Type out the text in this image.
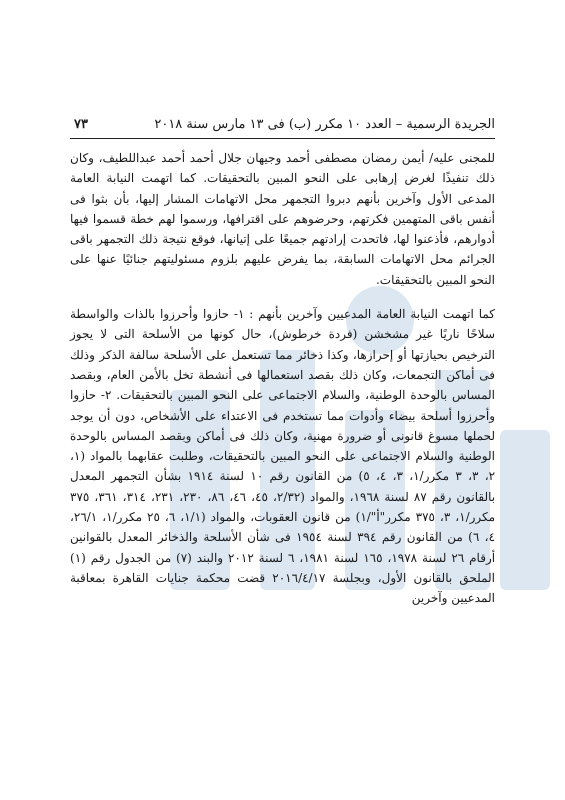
الجريدة الرسمية – العدد ١٠ مكرر (ب) فى ١٣ مارس سنة ٢٠١٨
٧٣

للمجنى عليه/ أيمن رمضان مصطفى أحمد وجيهان جلال أحمد أحمد عبداللطيف، وكان ذلك تنفيذًا لغرض إرهابى على النحو المبين بالتحقيقات. كما اتهمت النيابة العامة المدعى الأول وآخرين بأنهم دبروا التجمهر محل الاتهامات المشار إليها، بأن بثوا فى أنفس باقى المتهمين فكرتهم، وحرضوهم على اقترافها، ورسموا لهم خطة قسموا فيها أدوارهم، فأذعنوا لها، فاتحدت إرادتهم جميعًا على إتيانها، فوقع نتيجة ذلك التجمهر باقى الجرائم محل الاتهامات السابقة، بما يفرض عليهم بلزوم مسئوليتهم جنائيًا عنها على النحو المبين بالتحقيقات.

كما اتهمت النيابة العامة المدعيين وآخرين بأنهم : ١- حازوا وأحرزوا بالذات والواسطة سلاحًا ناريًا غير مشخشن (فردة خرطوش)، حال كونها من الأسلحة التى لا يجوز الترخيص بحيازتها أو إحرازها، وكذا ذخائر مما تستعمل على الأسلحة سالفة الذكر وذلك فى أماكن التجمعات، وكان ذلك بقصد استعمالها فى أنشطة تخل بالأمن العام، وبقصد المساس بالوحدة الوطنية، والسلام الاجتماعى على النحو المبين بالتحقيقات. ٢- حازوا وأحرزوا أسلحة بيضاء وأدوات مما تستخدم فى الاعتداء على الأشخاص، دون أن يوجد لحملها مسوغ قانونى أو ضرورة مهنية، وكان ذلك فى أماكن وبقصد المساس بالوحدة الوطنية والسلام الاجتماعى على النحو المبين بالتحقيقات، وطلبت عقابهما بالمواد (١، ٢، ٣، ٣ مكرر/١، ٣، ٤، ٥) من القانون رقم ١٠ لسنة ١٩١٤ بشأن التجمهر المعدل بالقانون رقم ٨٧ لسنة ١٩٦٨، والمواد (٢/٣٢، ٤٥، ٤٦، ٨٦، ٢٣٠، ٢٣١، ٣١٤، ٣٦١، ٣٧٥ مكرر/١، ٣، ٣٧٥ مكرر"أ"/١) من قانون العقوبات، والمواد (١/١، ٦، ٢٥ مكرر/١، ٢٦/١، ٤، ٦) من القانون رقم ٣٩٤ لسنة ١٩٥٤ فى شأن الأسلحة والذخائر المعدل بالقوانين أرقام ٢٦ لسنة ١٩٧٨، ١٦٥ لسنة ١٩٨١، ٦ لسنة ٢٠١٢ والبند (٧) من الجدول رقم (١) الملحق بالقانون الأول، وبجلسة ٢٠١٦/٤/١٧ قضت محكمة جنايات القاهرة بمعاقبة المدعيين وآخرين
